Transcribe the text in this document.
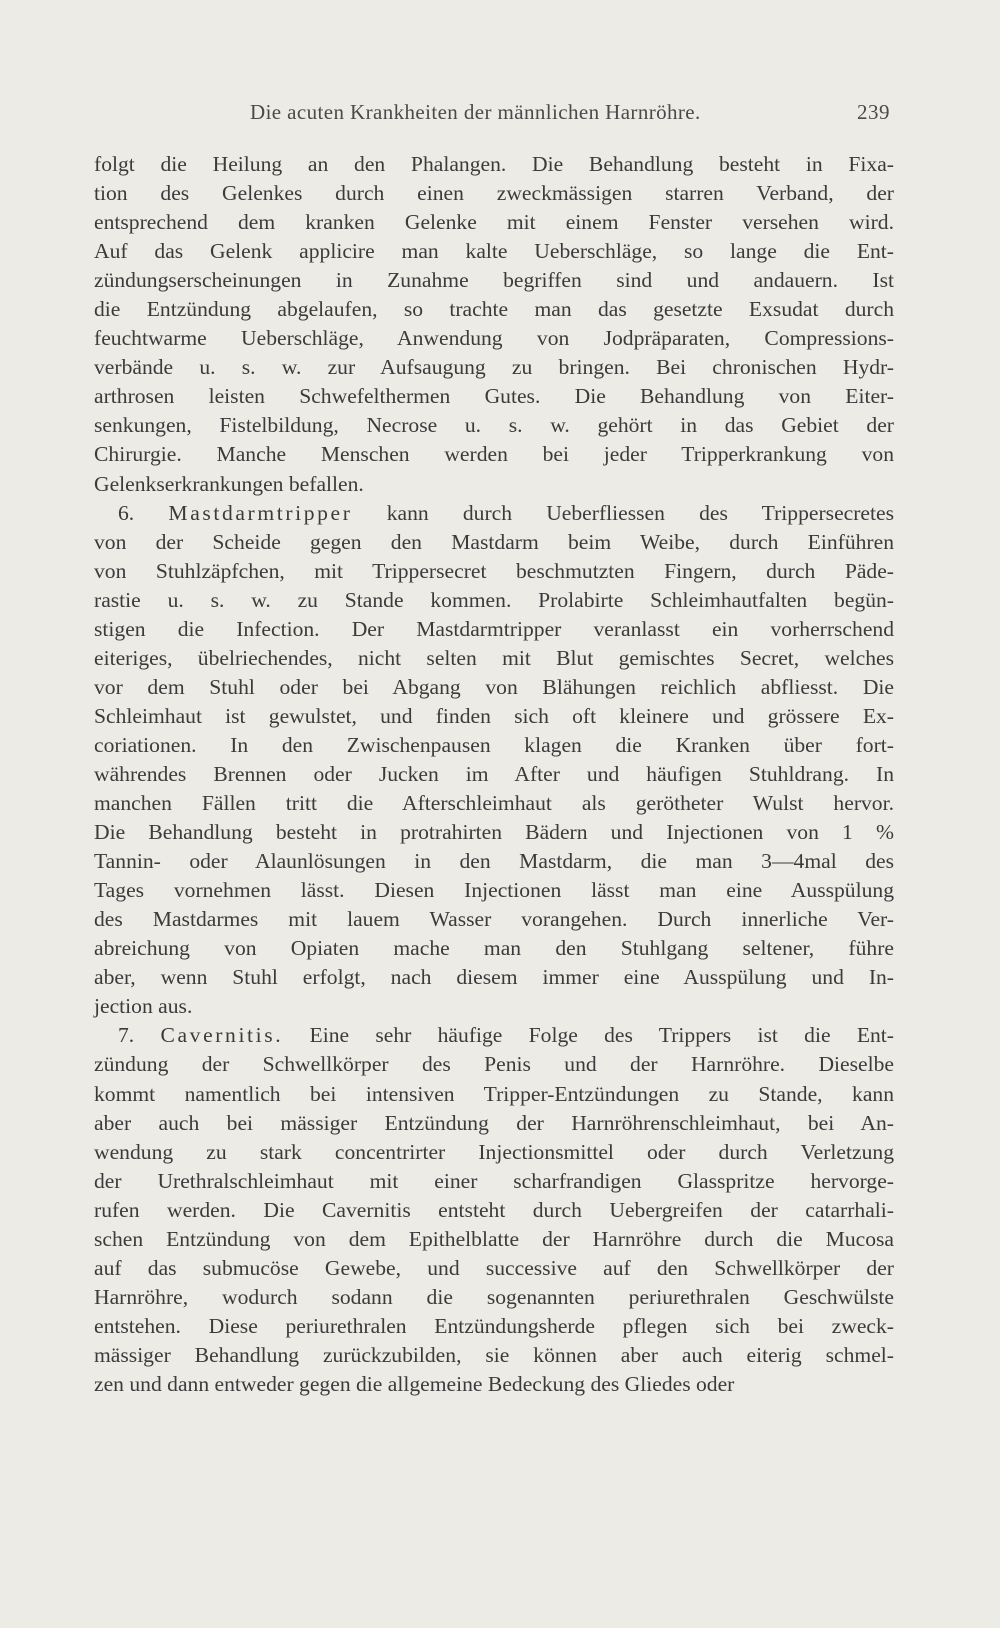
Die acuten Krankheiten der männlichen Harnröhre.	239
folgt die Heilung an den Phalangen. Die Behandlung besteht in Fixa-
tion des Gelenkes durch einen zweckmässigen starren Verband, der
entsprechend dem kranken Gelenke mit einem Fenster versehen wird.
Auf das Gelenk applicire man kalte Ueberschläge, so lange die Ent-
zündungserscheinungen in Zunahme begriffen sind und andauern. Ist
die Entzündung abgelaufen, so trachte man das gesetzte Exsudat durch
feuchtwarme Ueberschläge, Anwendung von Jodpräparaten, Compressions-
verbände u. s. w. zur Aufsaugung zu bringen. Bei chronischen Hydr-
arthrosen leisten Schwefelthermen Gutes. Die Behandlung von Eiter-
senkungen, Fistelbildung, Necrose u. s. w. gehört in das Gebiet der
Chirurgie. Manche Menschen werden bei jeder Tripperkrankung von
Gelenkserkrankungen befallen.
6. Mastdarmtripper kann durch Ueberfliessen des Trippersecretes
von der Scheide gegen den Mastdarm beim Weibe, durch Einführen
von Stuhlzäpfchen, mit Trippersecret beschmutzten Fingern, durch Päde-
rastie u. s. w. zu Stande kommen. Prolabirte Schleimhautfalten begün-
stigen die Infection. Der Mastdarmtripper veranlasst ein vorherrschend
eiteriges, übelriechendes, nicht selten mit Blut gemischtes Secret, welches
vor dem Stuhl oder bei Abgang von Blähungen reichlich abfliesst. Die
Schleimhaut ist gewulstet, und finden sich oft kleinere und grössere Ex-
coriationen. In den Zwischenpausen klagen die Kranken über fort-
währendes Brennen oder Jucken im After und häufigen Stuhldrang. In
manchen Fällen tritt die Afterschleimhaut als gerötheter Wulst hervor.
Die Behandlung besteht in protrahirten Bädern und Injectionen von 1 %
Tannin- oder Alaunlösungen in den Mastdarm, die man 3—4mal des
Tages vornehmen lässt. Diesen Injectionen lässt man eine Ausspülung
des Mastdarmes mit lauem Wasser vorangehen. Durch innerliche Ver-
abreichung von Opiaten mache man den Stuhlgang seltener, führe
aber, wenn Stuhl erfolgt, nach diesem immer eine Ausspülung und In-
jection aus.
7. Cavernitis. Eine sehr häufige Folge des Trippers ist die Ent-
zündung der Schwellkörper des Penis und der Harnröhre. Dieselbe
kommt namentlich bei intensiven Tripper-Entzündungen zu Stande, kann
aber auch bei mässiger Entzündung der Harnröhrenschleimhaut, bei An-
wendung zu stark concentrirter Injectionsmittel oder durch Verletzung
der Urethralschleimhaut mit einer scharfrandigen Glasspritze hervorge-
rufen werden. Die Cavernitis entsteht durch Uebergreifen der catarrhali-
schen Entzündung von dem Epithelblatte der Harnröhre durch die Mucosa
auf das submucöse Gewebe, und successive auf den Schwellkörper der
Harnröhre, wodurch sodann die sogenannten periurethralen Geschwülste
entstehen. Diese periurethralen Entzündungsherde pflegen sich bei zweck-
mässiger Behandlung zurückzubilden, sie können aber auch eiterig schmel-
zen und dann entweder gegen die allgemeine Bedeckung des Gliedes oder
